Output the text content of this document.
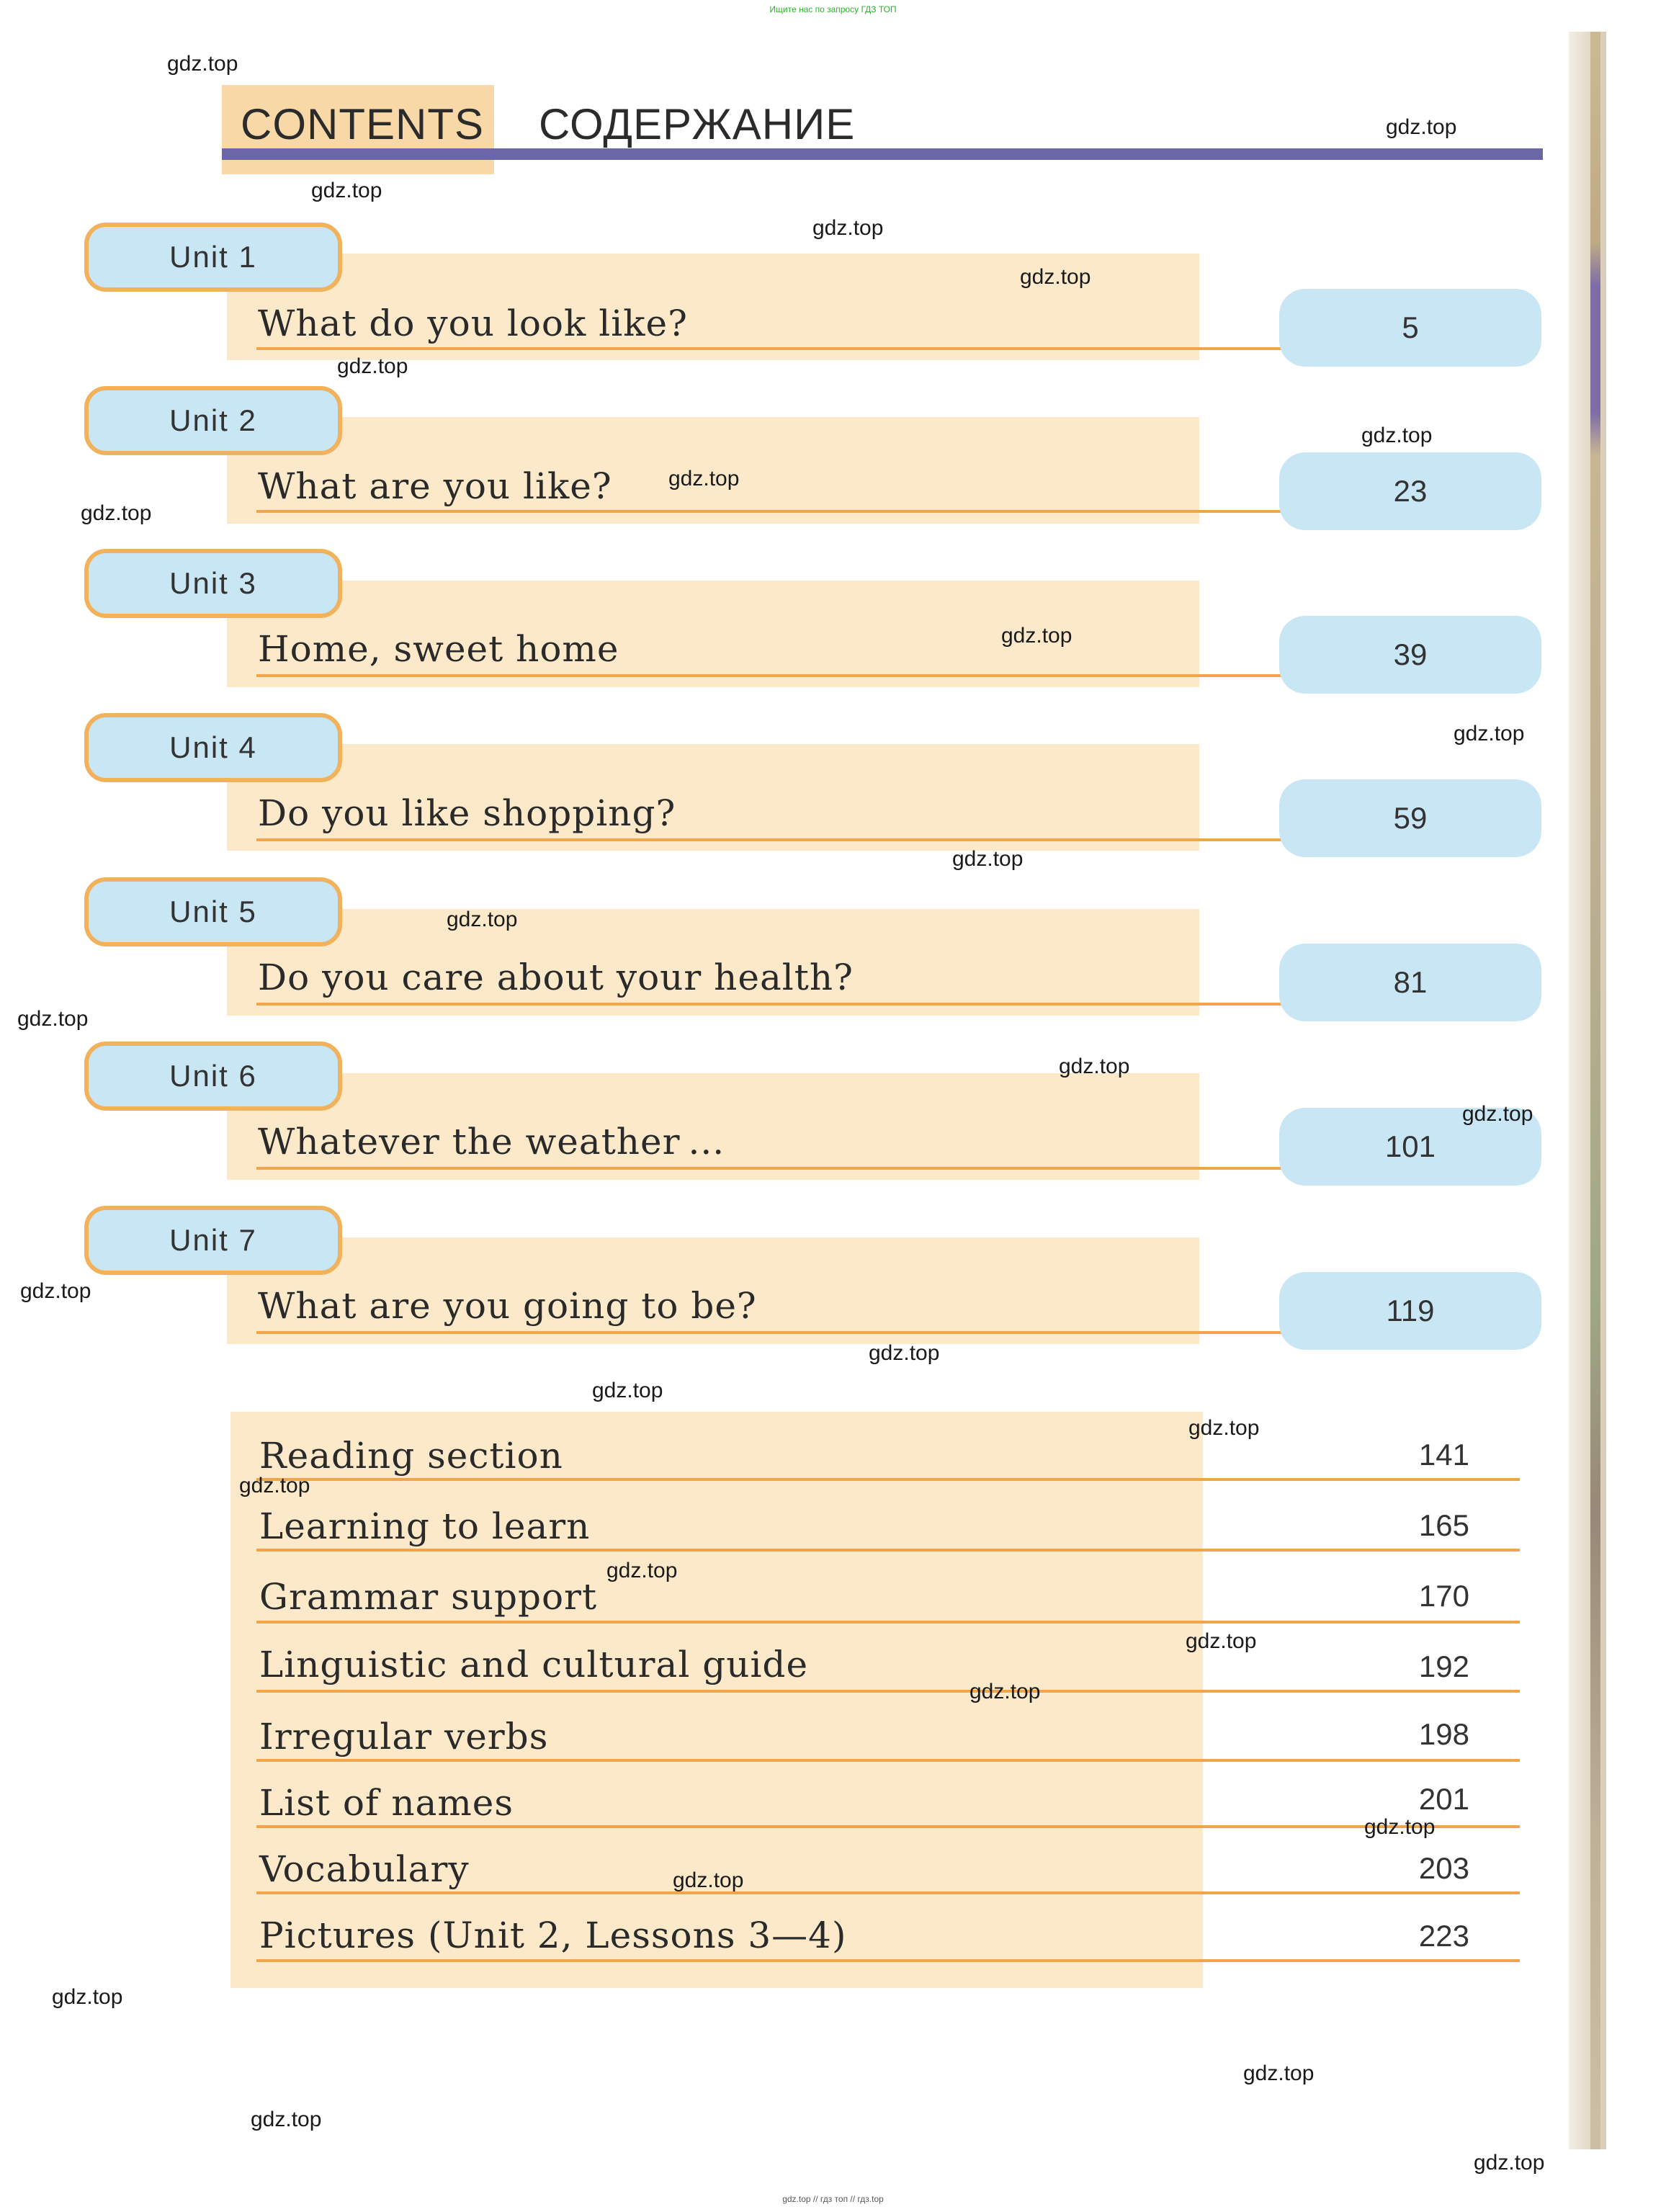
Ищите нас по запросу ГДЗ ТОП
CONTENTS СОДЕРЖАНИЕ
Unit 1
What do you look like?	5
Unit 2
What are you like?	23
Unit 3
Home, sweet home	39
Unit 4
Do you like shopping?	59
Unit 5
Do you care about your health?	81
Unit 6
Whatever the weather ...	101
Unit 7
What are you going to be?	119
Reading section	141
Learning to learn	165
Grammar support	170
Linguistic and cultural guide	192
Irregular verbs	198
List of names	201
Vocabulary	203
Pictures (Unit 2, Lessons 3—4)	223
gdz.top
gdz.top
gdz.top
gdz.top
gdz.top
gdz.top
gdz.top
gdz.top
gdz.top
gdz.top
gdz.top
gdz.top
gdz.top
gdz.top
gdz.top
gdz.top
gdz.top
gdz.top
gdz.top
gdz.top
gdz.top
gdz.top
gdz.top
gdz.top
gdz.top
gdz.top
gdz.top
gdz.top
gdz.top
gdz.top
gdz.top // гдз топ // гдз.top
